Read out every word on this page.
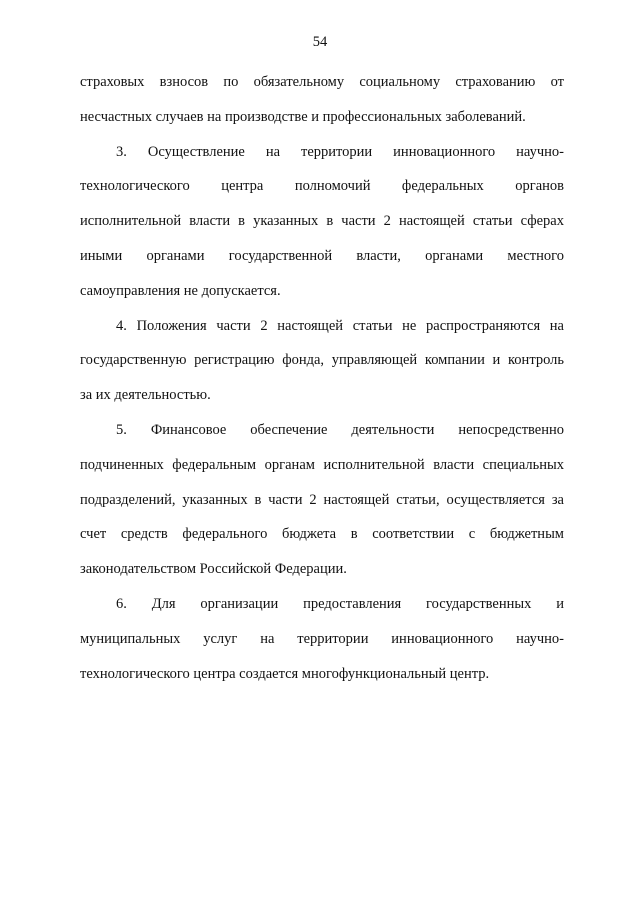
54
страховых взносов по обязательному социальному страхованию от
несчастных случаев на производстве и профессиональных заболеваний.
3. Осуществление на территории инновационного научно-
технологического центра полномочий федеральных органов
исполнительной власти в указанных в части 2 настоящей статьи сферах
иными органами государственной власти, органами местного
самоуправления не допускается.
4. Положения части 2 настоящей статьи не распространяются на
государственную регистрацию фонда, управляющей компании и контроль
за их деятельностью.
5. Финансовое обеспечение деятельности непосредственно
подчиненных федеральным органам исполнительной власти специальных
подразделений, указанных в части 2 настоящей статьи, осуществляется за
счет средств федерального бюджета в соответствии с бюджетным
законодательством Российской Федерации.
6. Для организации предоставления государственных и
муниципальных услуг на территории инновационного научно-
технологического центра создается многофункциональный центр.
